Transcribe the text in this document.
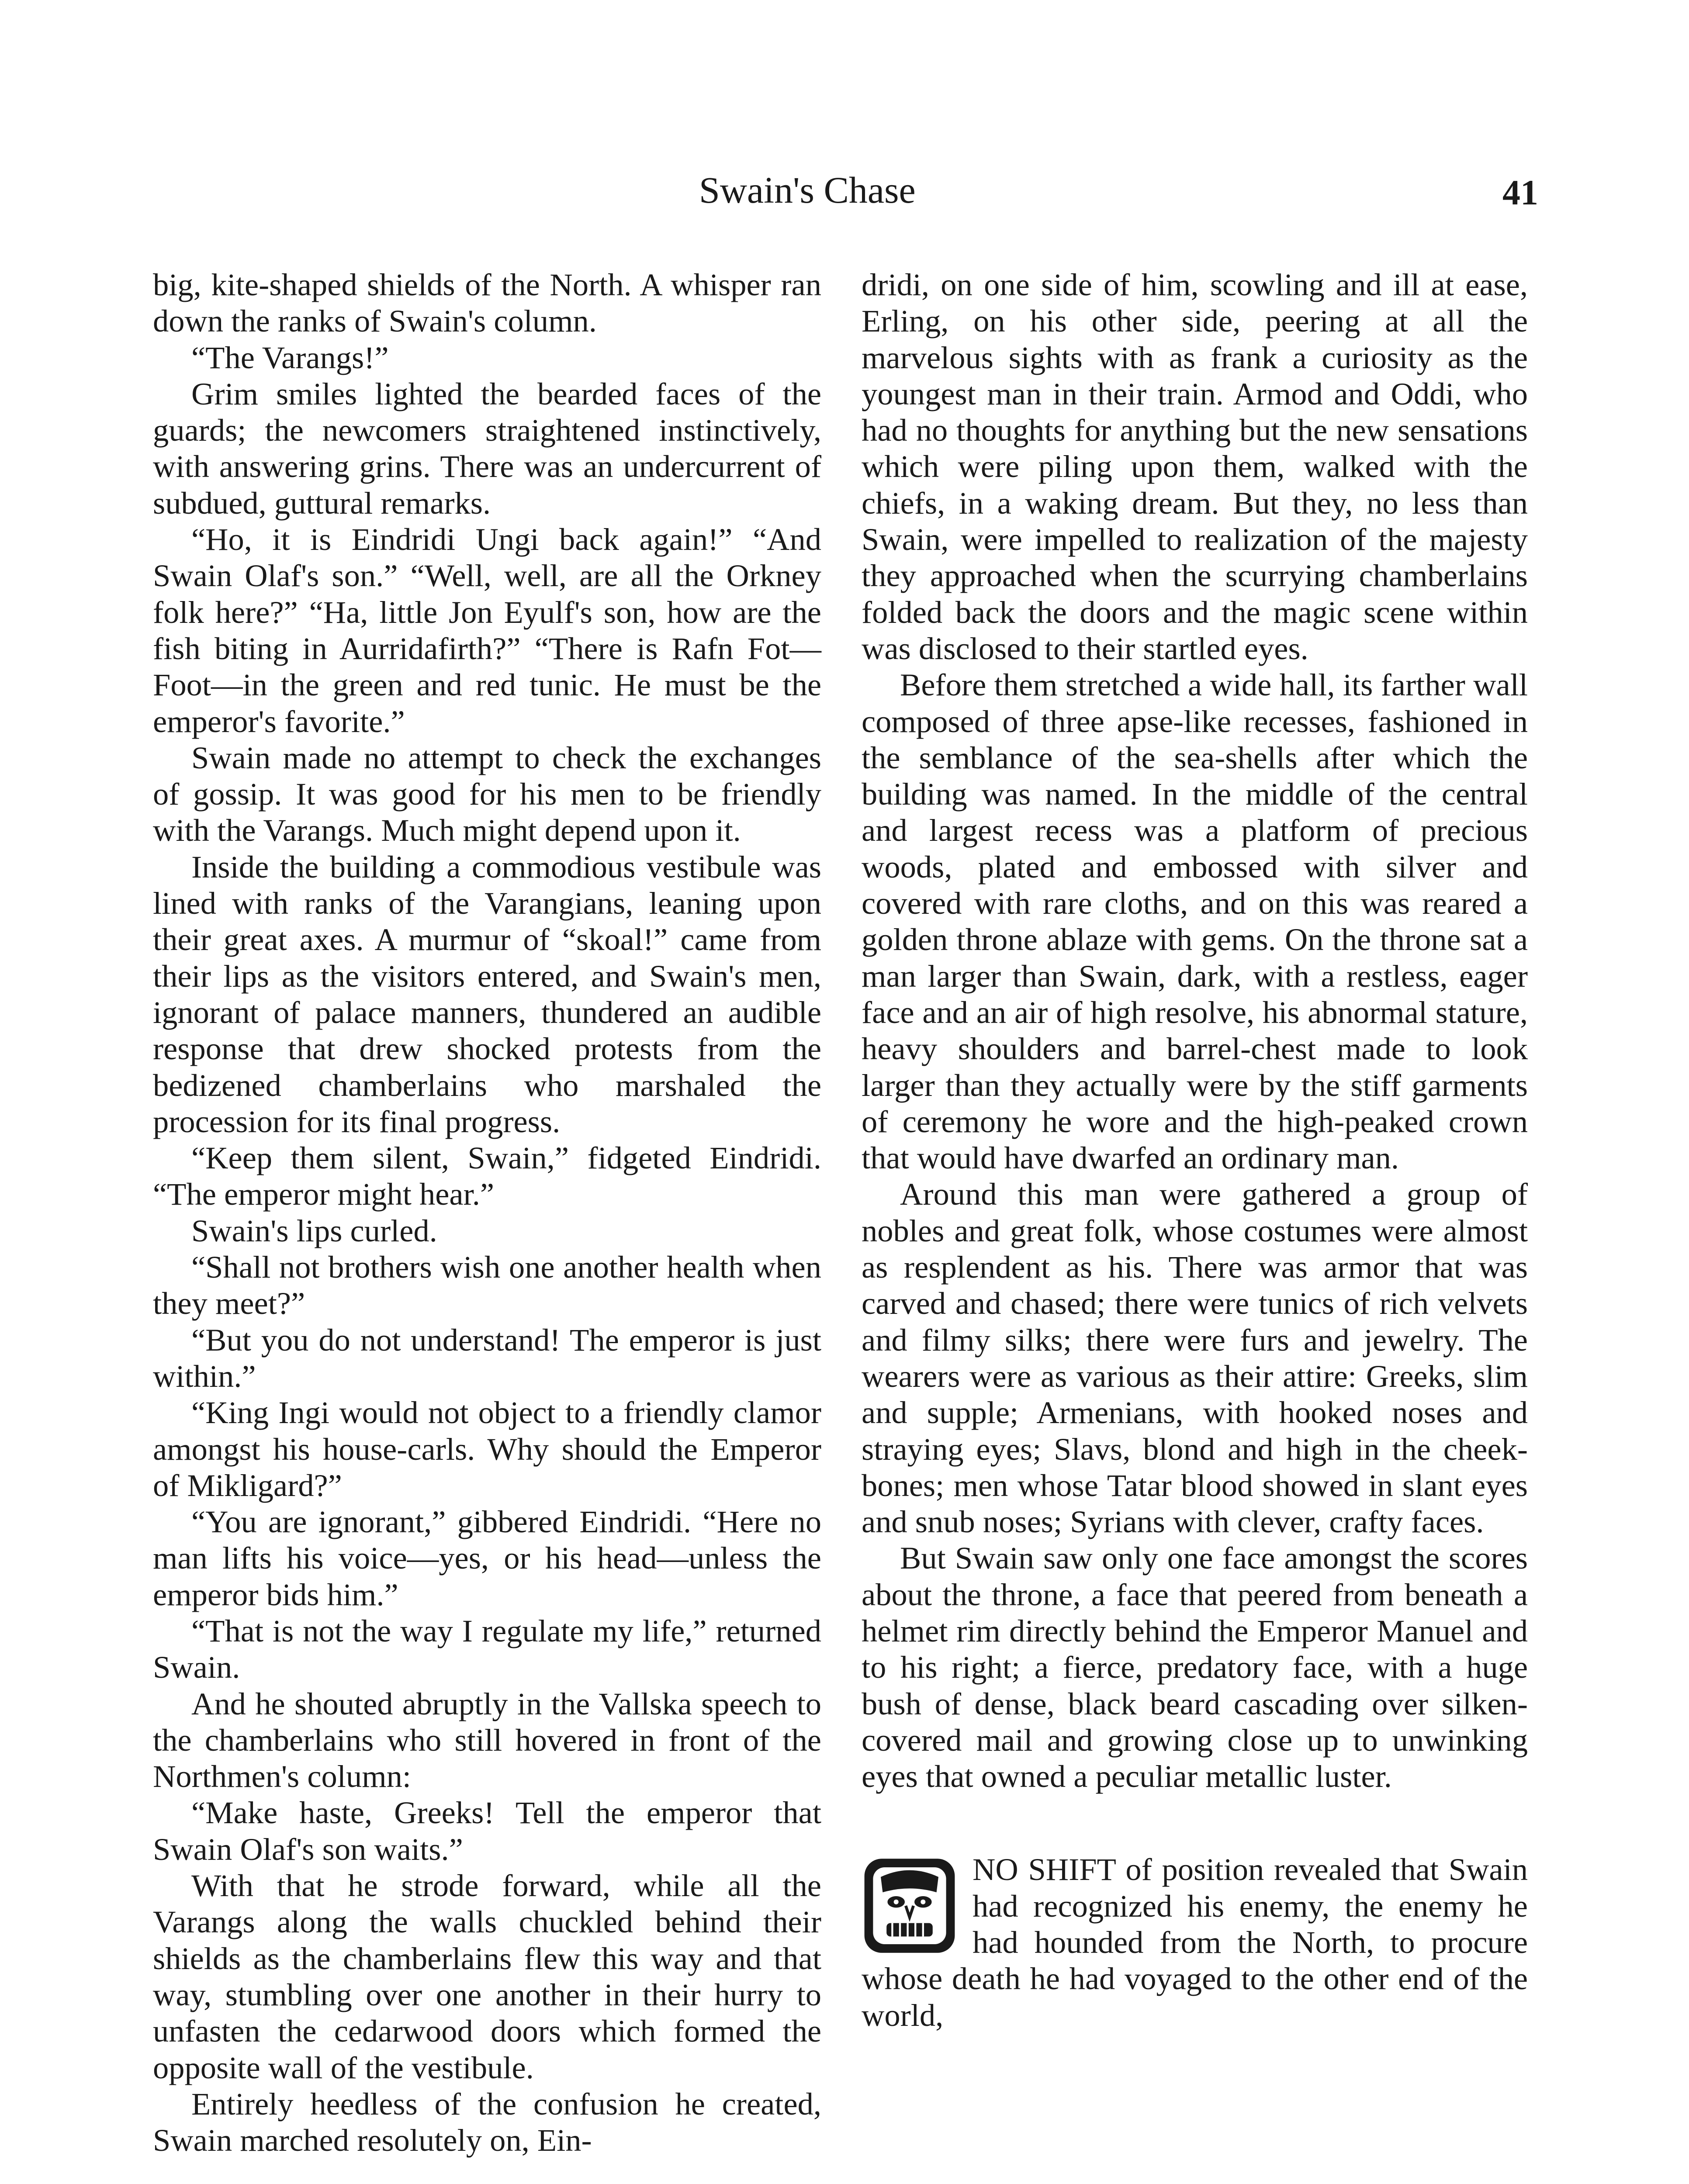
Swain's Chase	41

big, kite-shaped shields of the North. A whisper ran down the ranks of Swain's column.

“The Varangs!”

Grim smiles lighted the bearded faces of the guards; the newcomers straightened instinctively, with answering grins. There was an undercurrent of subdued, guttural remarks.

“Ho, it is Eindridi Ungi back again!” “And Swain Olaf's son.” “Well, well, are all the Orkney folk here?” “Ha, little Jon Eyulf's son, how are the fish biting in Aurridafirth?” “There is Rafn Fot—Foot—in the green and red tunic. He must be the emperor's favorite.”

Swain made no attempt to check the exchanges of gossip. It was good for his men to be friendly with the Varangs. Much might depend upon it.

Inside the building a commodious vestibule was lined with ranks of the Varangians, leaning upon their great axes. A murmur of “skoal!” came from their lips as the visitors entered, and Swain's men, ignorant of palace manners, thundered an audible response that drew shocked protests from the bedizened chamberlains who marshaled the procession for its final progress.

“Keep them silent, Swain,” fidgeted Eindridi. “The emperor might hear.”

Swain's lips curled.

“Shall not brothers wish one another health when they meet?”

“But you do not understand! The emperor is just within.”

“King Ingi would not object to a friendly clamor amongst his house-carls. Why should the Emperor of Mikligard?”

“You are ignorant,” gibbered Eindridi. “Here no man lifts his voice—yes, or his head—unless the emperor bids him.”

“That is not the way I regulate my life,” returned Swain.

And he shouted abruptly in the Vallska speech to the chamberlains who still hovered in front of the Northmen's column:

“Make haste, Greeks! Tell the emperor that Swain Olaf's son waits.”

With that he strode forward, while all the Varangs along the walls chuckled behind their shields as the chamberlains flew this way and that way, stumbling over one another in their hurry to unfasten the cedarwood doors which formed the opposite wall of the vestibule.

Entirely heedless of the confusion he created, Swain marched resolutely on, Ein-

dridi, on one side of him, scowling and ill at ease, Erling, on his other side, peering at all the marvelous sights with as frank a curiosity as the youngest man in their train. Armod and Oddi, who had no thoughts for anything but the new sensations which were piling upon them, walked with the chiefs, in a waking dream. But they, no less than Swain, were impelled to realization of the majesty they approached when the scurrying chamberlains folded back the doors and the magic scene within was disclosed to their startled eyes.

Before them stretched a wide hall, its farther wall composed of three apse-like recesses, fashioned in the semblance of the sea-shells after which the building was named. In the middle of the central and largest recess was a platform of precious woods, plated and embossed with silver and covered with rare cloths, and on this was reared a golden throne ablaze with gems. On the throne sat a man larger than Swain, dark, with a restless, eager face and an air of high resolve, his abnormal stature, heavy shoulders and barrel-chest made to look larger than they actually were by the stiff garments of ceremony he wore and the high-peaked crown that would have dwarfed an ordinary man.

Around this man were gathered a group of nobles and great folk, whose costumes were almost as resplendent as his. There was armor that was carved and chased; there were tunics of rich velvets and filmy silks; there were furs and jewelry. The wearers were as various as their attire: Greeks, slim and supple; Armenians, with hooked noses and straying eyes; Slavs, blond and high in the cheek-bones; men whose Tatar blood showed in slant eyes and snub noses; Syrians with clever, crafty faces.

But Swain saw only one face amongst the scores about the throne, a face that peered from beneath a helmet rim directly behind the Emperor Manuel and to his right; a fierce, predatory face, with a huge bush of dense, black beard cascading over silken-covered mail and growing close up to unwinking eyes that owned a peculiar metallic luster.

NO SHIFT of position revealed that Swain had recognized his enemy, the enemy he had hounded from the North, to procure whose death he had voyaged to the other end of the world,
